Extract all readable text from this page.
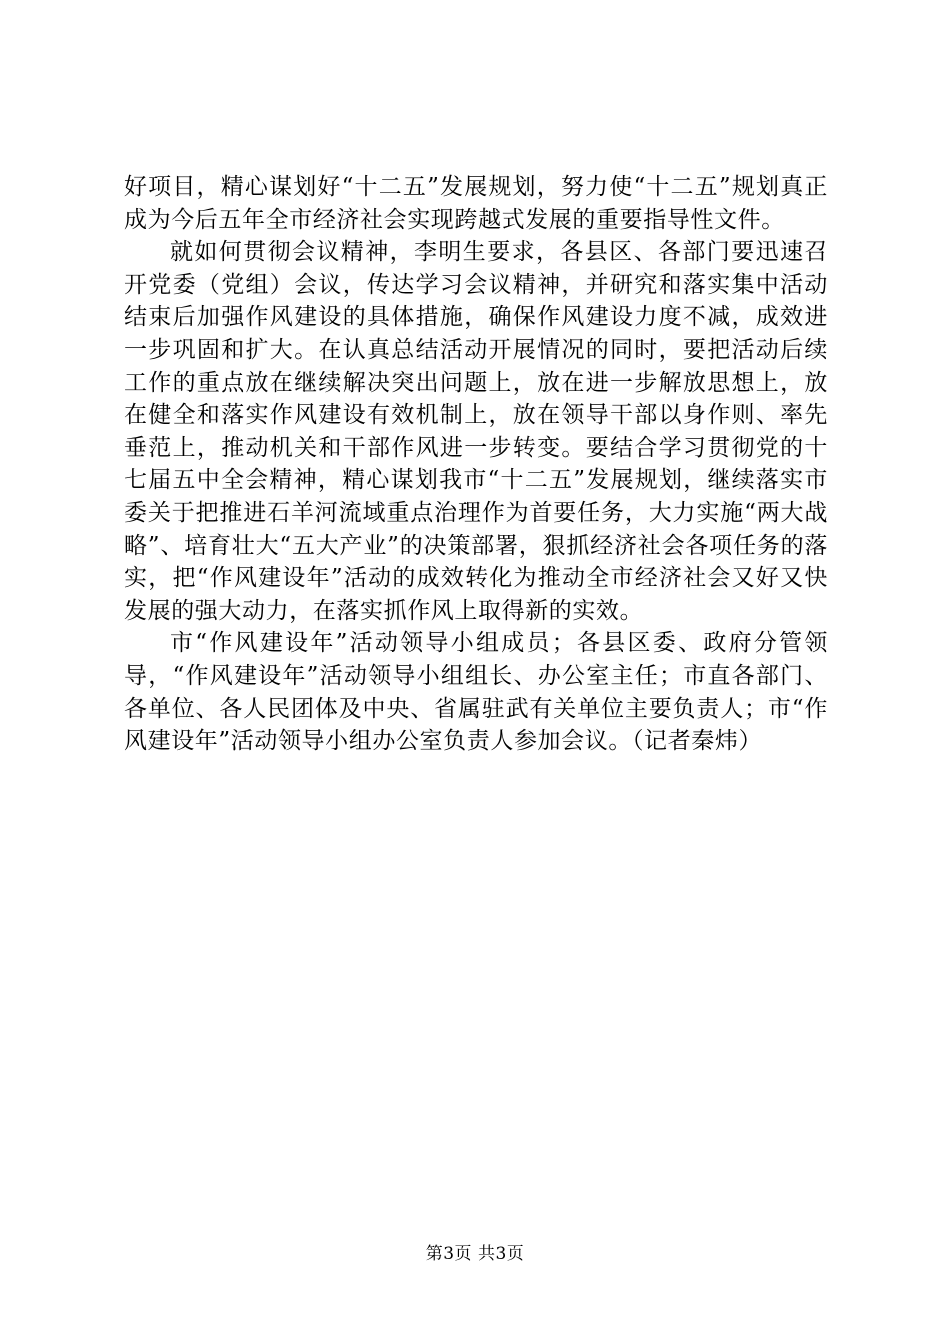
好项目，精心谋划好“十二五”发展规划，努力使“十二五”规划真正成为今后五年全市经济社会实现跨越式发展的重要指导性文件。

就如何贯彻会议精神，李明生要求，各县区、各部门要迅速召开党委（党组）会议，传达学习会议精神，并研究和落实集中活动结束后加强作风建设的具体措施，确保作风建设力度不减，成效进一步巩固和扩大。在认真总结活动开展情况的同时，要把活动后续工作的重点放在继续解决突出问题上，放在进一步解放思想上，放在健全和落实作风建设有效机制上，放在领导干部以身作则、率先垂范上，推动机关和干部作风进一步转变。要结合学习贯彻党的十七届五中全会精神，精心谋划我市“十二五”发展规划，继续落实市委关于把推进石羊河流域重点治理作为首要任务，大力实施“两大战略”、培育壮大“五大产业”的决策部署，狠抓经济社会各项任务的落实，把“作风建设年”活动的成效转化为推动全市经济社会又好又快发展的强大动力，在落实抓作风上取得新的实效。

市“作风建设年”活动领导小组成员；各县区委、政府分管领导，“作风建设年”活动领导小组组长、办公室主任；市直各部门、各单位、各人民团体及中央、省属驻武有关单位主要负责人；市“作风建设年”活动领导小组办公室负责人参加会议。（记者秦炜）

第3页 共3页
